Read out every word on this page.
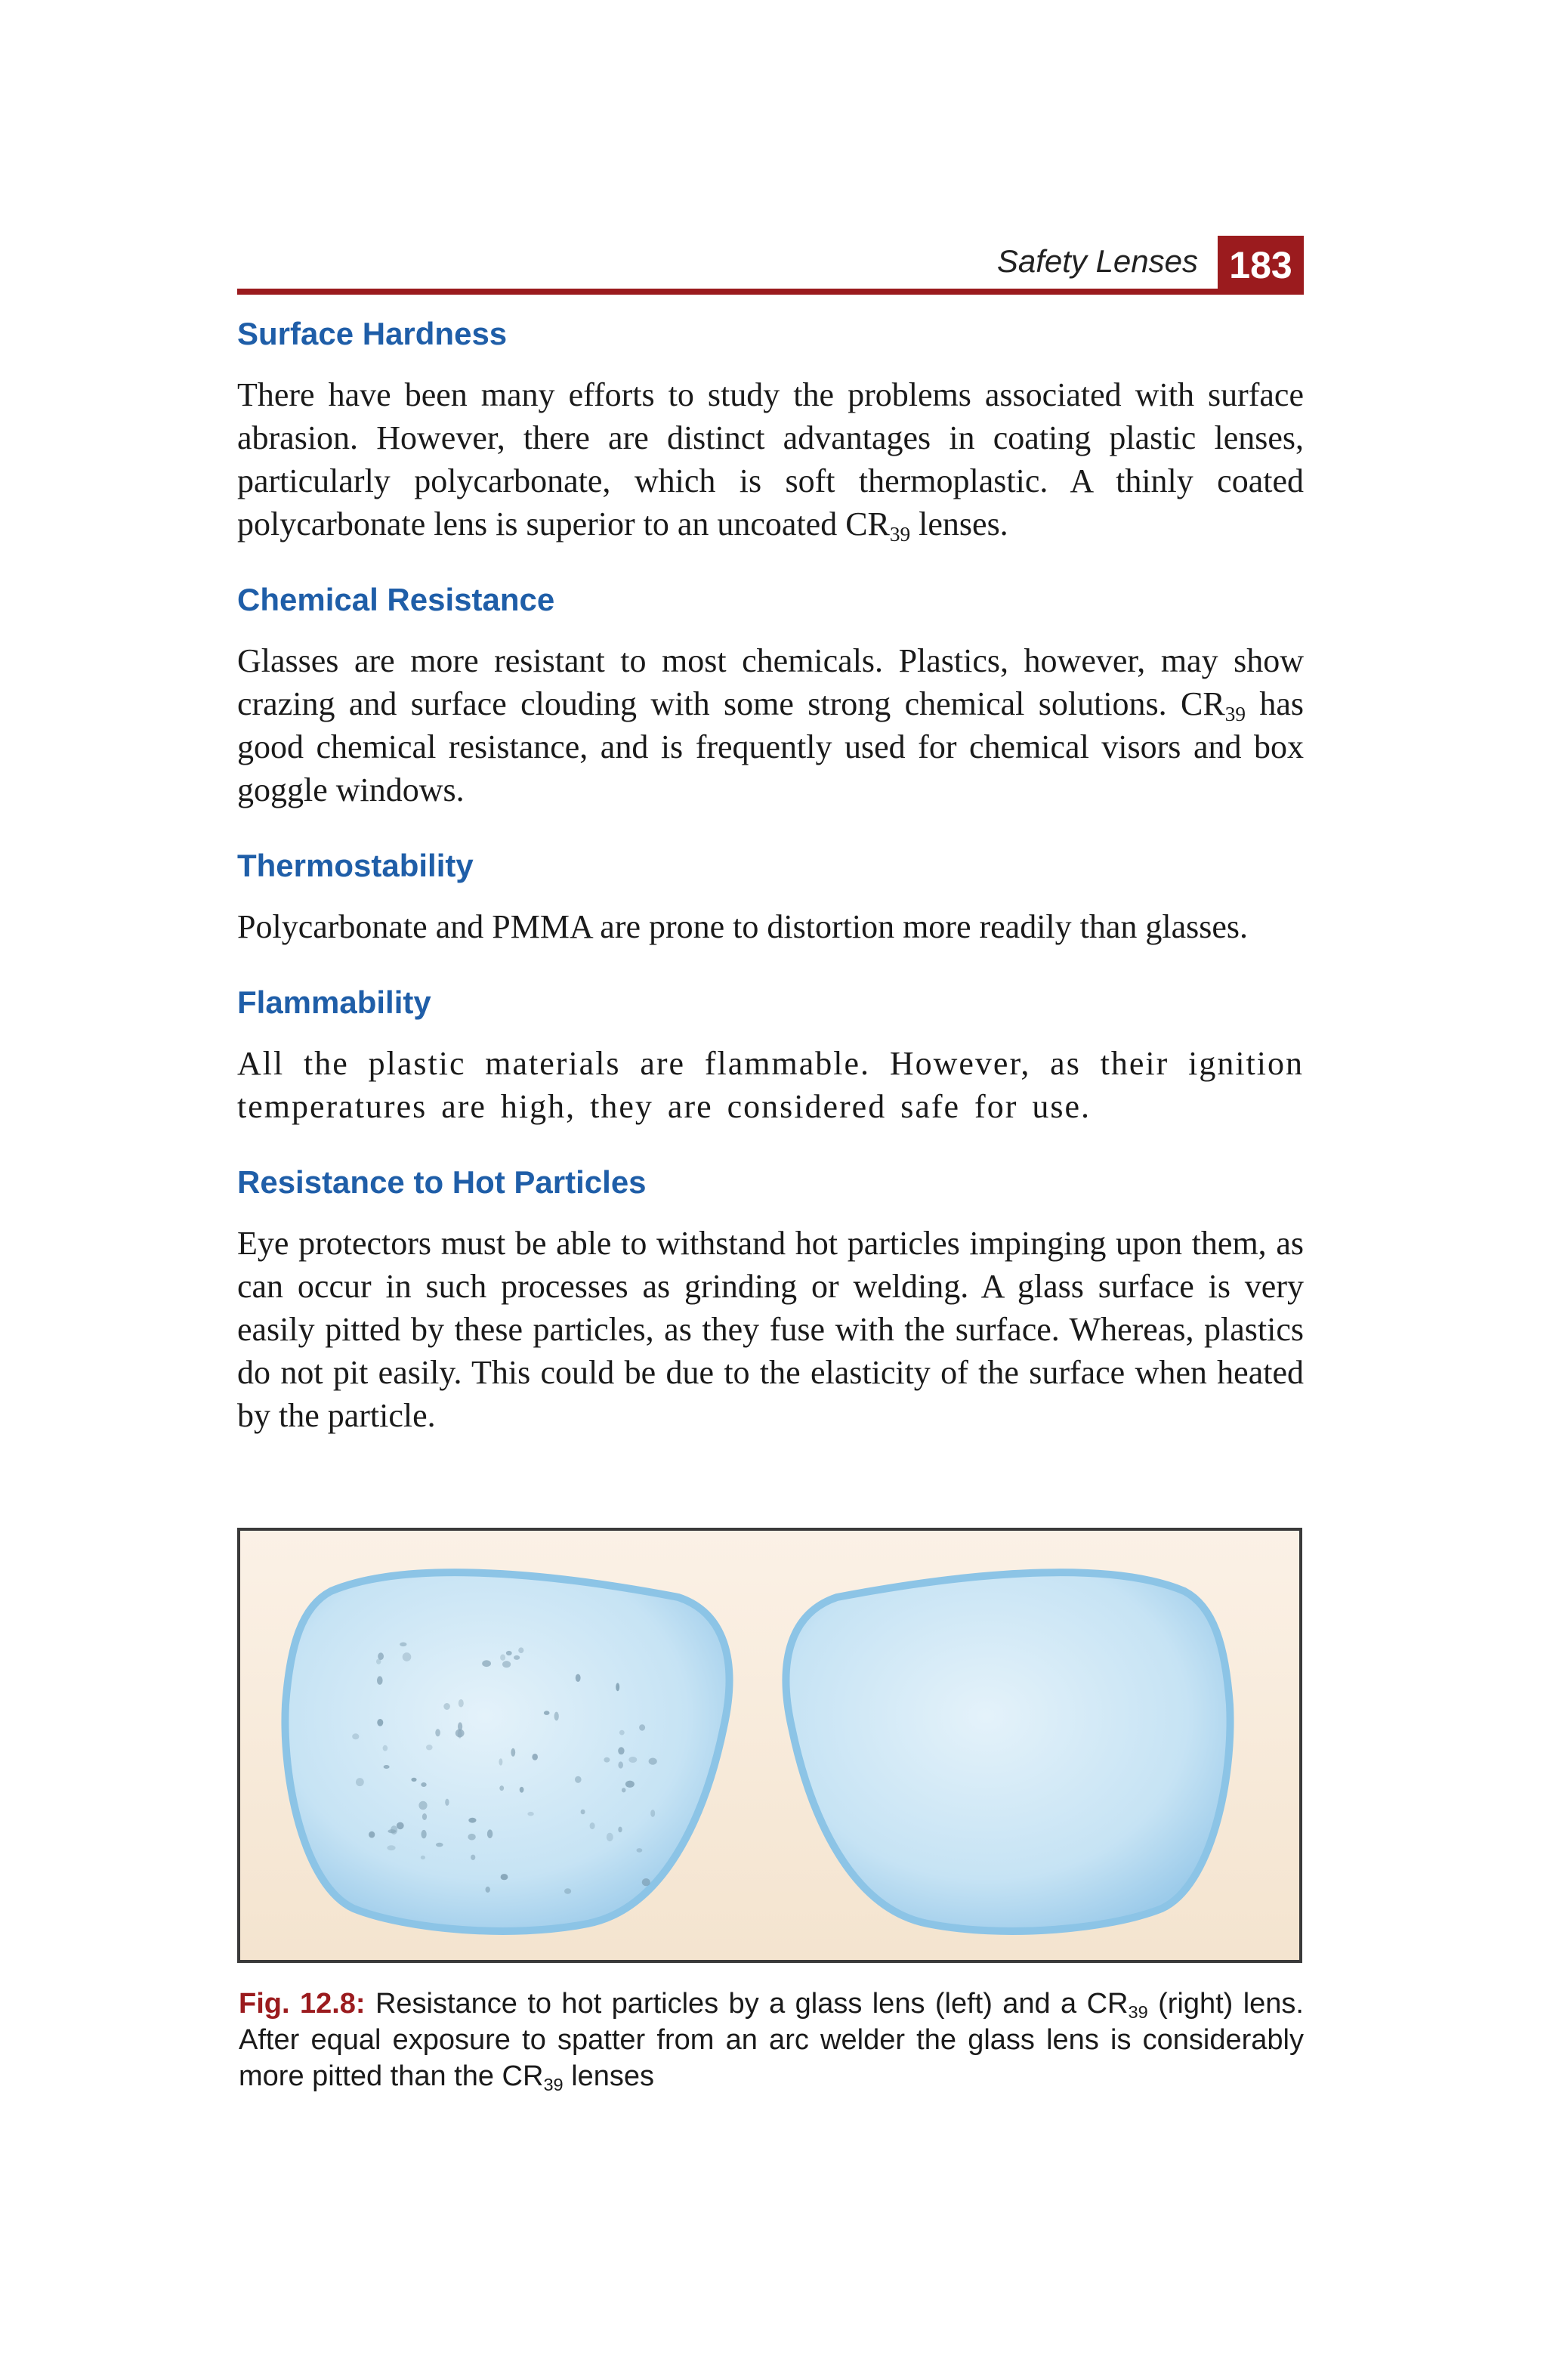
Safety Lenses 183
Surface Hardness

There have been many efforts to study the problems associated with surface abrasion. However, there are distinct advantages in coating plastic lenses, particularly polycarbonate, which is soft thermoplastic. A thinly coated polycarbonate lens is superior to an uncoated $CR_{39}$ lenses.

Chemical Resistance

Glasses are more resistant to most chemicals. Plastics, however, may show crazing and surface clouding with some strong chemical solutions. $CR_{39}$ has good chemical resistance, and is frequently used for chemical visors and box goggle windows.

Thermostability

Polycarbonate and PMMA are prone to distortion more readily than glasses.

Flammability

All the plastic materials are flammable. However, as their ignition temperatures are high, they are considered safe for use.

Resistance to Hot Particles

Eye protectors must be able to withstand hot particles impinging upon them, as can occur in such processes as grinding or welding. A glass surface is very easily pitted by these particles, as they fuse with the surface. Whereas, plastics do not pit easily. This could be due to the elasticity of the surface when heated by the particle.

Fig. 12.8: Resistance to hot particles by a glass lens (left) and a $CR_{39}$ (right) lens. After equal exposure to spatter from an arc welder the glass lens is considerably more pitted than the $CR_{39}$ lenses
